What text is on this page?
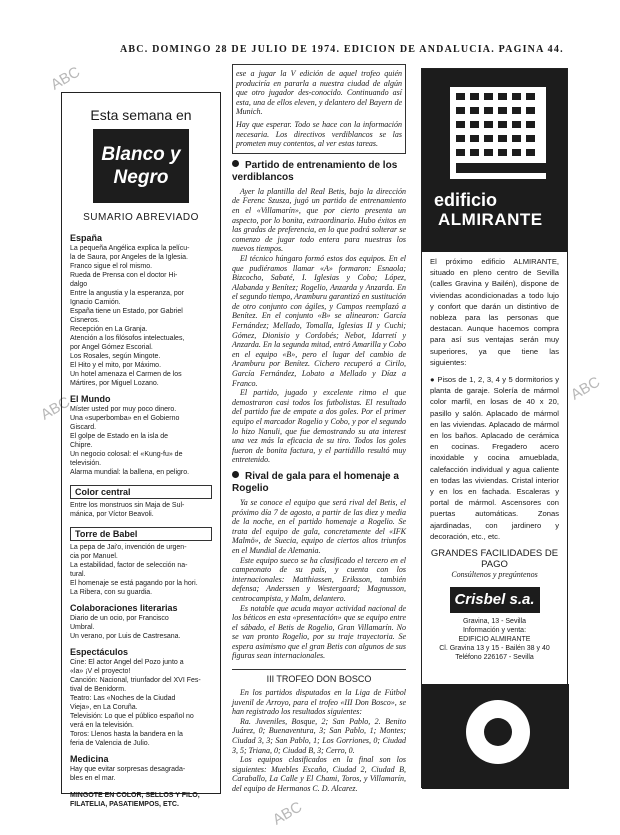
ABC. DOMINGO 28 DE JULIO DE 1974. EDICION DE ANDALUCIA. PAGINA 44.
ABC
ABC
ABC
ABC
Esta semana en
Blanco y Negro
SUMARIO ABREVIADO
España
La pequeña Angélica explica la pelícu-
la de Saura, por Angeles de la Iglesia.
Franco sigue el rol mismo.
Rueda de Prensa con el doctor Hi-
dalgo
Entre la angustia y la esperanza, por
Ignacio Camión.
España tiene un Estado, por Gabriel
Cisneros.
Recepción en La Granja.
Atención a los filósofos intelectuales,
por Angel Gómez Escorial.
Los Rosales, según Mingote.
El Hito y el mito, por Máximo.
Un hotel amenaza el Carmen de los
Mártires, por Miguel Lozano.
El Mundo
Míster usted por muy poco dinero.
Una «superbomba» en el Gobierno
Giscard.
El golpe de Estado en la isla de
Chipre.
Un negocio colosal: el «Kung-fu» de
televisión.
Alarma mundial: la ballena, en peligro.
Color central
Entre los monstruos sin Maja de Sul-
mánica, por Víctor Beavoli.
Torre de Babel
La pepa de Jai'o, invención de urgen-
cia por Manuel.
La estabilidad, factor de selección na-
tural.
El homenaje se está pagando por la hori.
La Ribera, con su guardia.
Colaboraciones literarias
Diario de un ocio, por Francisco
Umbral.
Un verano, por Luis de Castresana.
Espectáculos
Cine: El actor Angel del Pozo junto a
«la» ¡V el proyecto!
Canción: Nacional, triunfador del XVI Fes-
tival de Benidorm.
Teatro: Las «Noches de la Ciudad
Vieja», en La Coruña.
Televisión: Lo que el público español no
verá en la televisión.
Toros: Llenos hasta la bandera en la
feria de Valencia de Julio.
Medicina
Hay que evitar sorpresas desagrada-
bles en el mar.
MINGOTE EN COLOR, SELLOS Y FILO, FILATELIA, PASATIEMPOS, ETC.
ese a jugar la V edición de aquel trofeo quién produciría en pararla a nuestra ciudad de algún que otro jugador des-conocido. Continuando así esta, una de ellos eleven, y delantero del Bayern de Munich.
Hay que esperar. Todo se hace con la información necesaria. Los directivos verdiblancos se las prometen muy contentos, al ver estas tareas.
Partido de entrenamiento de los verdiblancos
Ayer la plantilla del Real Betis, bajo la dirección de Ferenc Szusza, jugó un partido de entrenamiento en el «Villamarín», que por cierto presenta un aspecto, por lo bonita, extraordinario. Hubo éxitos en las gradas de preferencia, en lo que podrá solterar se comenzo de jugar todo entera para nuestras los nuevos tiempos.
El técnico húngaro formó estos dos equipos. En el que pudiéramos llamar «A» formaron: Esnaola; Bizcocho, Sabaté, I. Iglesias y Cobo; López, Alabanda y Benítez; Rogelio, Anzarda y Anzarda. En el segundo tiempo, Aramburu garantizó en sustitución de otro conjunto con ágiles, y Campos reemplazó a Benítez. En el conjunto «B» se alinearon: García Fernández; Mellado, Tomalla, Iglesias II y Cuchi; Gómez, Dionisio y Cordobés; Nebot, Idarretí y Anzarda. En la segunda mitad, entró Amarilla y Cobo en el equipo «B», pero el lugar del cambio de Aramburu por Benítez. Cichero recuperó a Cirilo, García Fernández, Lobato a Mellado y Díaz a Franco.
El partido, jugado y excelente ritmo el que demostraron casi todos los futbolistas. El resultado del partido fue de empate a dos goles. Por el primer equipo el marcador Rogelio y Cobo, y por el segundo lo hizo Nanuli, que fue demostrando su ata interest una vez más la eficacia de su tiro. Todos los goles fueron de bonita factura, y el partidillo resultó muy entretenido.
Rival de gala para el homenaje a Rogelio
Ya se conoce el equipo que será rival del Betis, el próximo día 7 de agosto, a partir de las diez y media de la noche, en el partido homenaje a Rogelio. Se trata del equipo de gala, concretamente del «IFK Malmö», de Suecia, equipo de ciertos altos triunfos en el Mundial de Alemania.
Este equipo sueco se ha clasificado el tercero en el campeonato de su país, y cuenta con los internacionales: Matthiassen, Eriksson, también defensa; Anderssen y Westergaard; Magnusson, centrocampista, y Malm, delantero.
Es notable que acuda mayor actividad nacional de los béticos en esta «presentación» que se equipo entre el sábado, el Betis de Rogelio, Gran Villamarín. No se van pronto Rogelio, por su traje trayectoria. Se espera asimismo que el gran Betis con algunos de sus figuras sean internacionales.
III TROFEO DON BOSCO
En los partidos disputados en la Liga de Fútbol juvenil de Arroyo, para el trofeo «III Don Bosco», se han registrado los resultados siguientes:
Ra. Juveniles, Bosque, 2; San Pablo, 2. Benito Juárez, 0; Buenaventura, 3; San Pablo, 1; Montes; Ciudad 3, 3; San Pablo, 1; Los Gorriones, 0; Ciudad 3, 5; Triana, 0; Ciudad B, 3; Cerro, 0.
Los equipos clasificados en la final son los siguientes: Muebles Escaño, Ciudad 2, Ciudad B, Caraballo, La Calle y El Chami, Toros, y Villamarín, del equipo de Hermanos C. D. Alcarez.
edificio
ALMIRANTE
El próximo edificio ALMIRANTE, situado en pleno centro de Sevilla (calles Gravina y Bailén), dispone de viviendas acondicionadas a todo lujo y confort que darán un distintivo de nobleza para las personas que destacan. Aunque hacemos compra para así sus ventajas serán muy superiores, ya que tiene las siguientes:
● Pisos de 1, 2, 3, 4 y 5 dormitorios y planta de garaje. Solería de mármol color marfil, en losas de 40 x 20, pasillo y salón. Aplacado de mármol en las viviendas. Aplacado de mármol en los baños. Aplacado de cerámica en cocinas. Fregadero acero inoxidable y cocina amueblada, calefacción individual y agua caliente en todas las viviendas. Cristal interior y en los en fachada. Escaleras y portal de mármol. Ascensores con puertas automáticas. Zonas ajardinadas, con jardinero y decoración, etc., etc.
GRANDES FACILIDADES DE PAGO
Consúltenos y pregúntenos
Crisbel s.a.
Gravina, 13 - Sevilla
Información y venta:
EDIFICIO ALMIRANTE
Cl. Gravina 13 y 15 - Bailén 38 y 40
Teléfono 226167 - Sevilla
